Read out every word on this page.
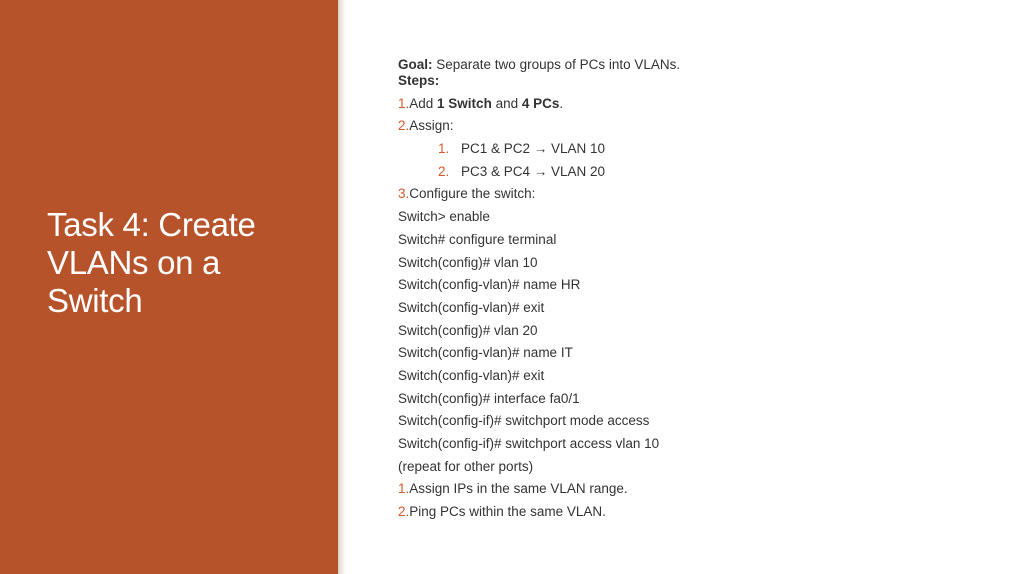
Task 4: Create
VLANs on a
Switch
Goal: Separate two groups of PCs into VLANs.
Steps:
1.Add 1 Switch and 4 PCs.
2.Assign:
1. PC1 & PC2 → VLAN 10
2. PC3 & PC4 → VLAN 20
3.Configure the switch:
Switch> enable
Switch# configure terminal
Switch(config)# vlan 10
Switch(config-vlan)# name HR
Switch(config-vlan)# exit
Switch(config)# vlan 20
Switch(config-vlan)# name IT
Switch(config-vlan)# exit
Switch(config)# interface fa0/1
Switch(config-if)# switchport mode access
Switch(config-if)# switchport access vlan 10
(repeat for other ports)
1.Assign IPs in the same VLAN range.
2.Ping PCs within the same VLAN.
